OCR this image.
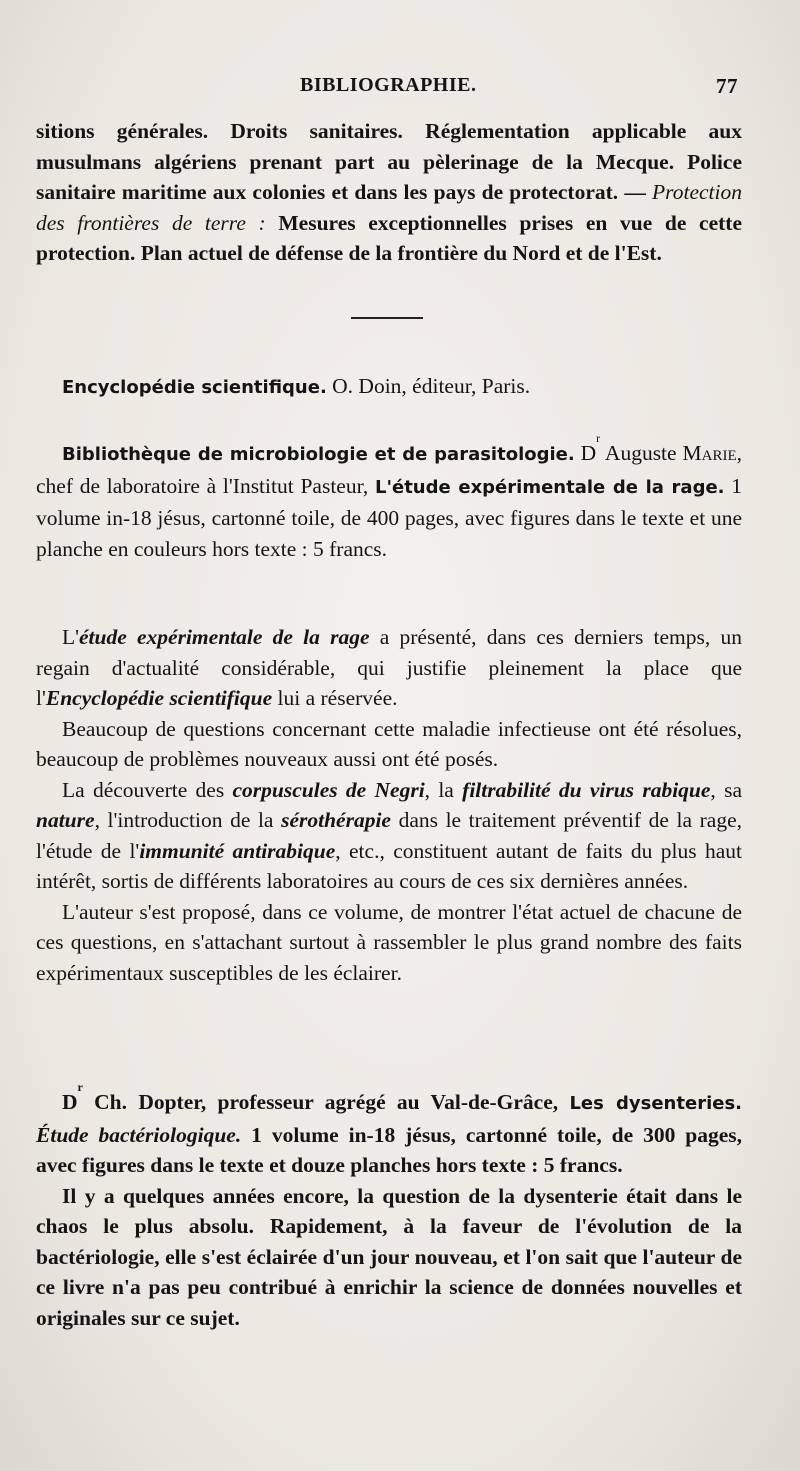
BIBLIOGRAPHIE.	77

sitions générales. Droits sanitaires. Réglementation applicable aux musulmans algériens prenant part au pèlerinage de la Mecque. Police sanitaire maritime aux colonies et dans les pays de protectorat. — Protection des frontières de terre : Mesures exceptionnelles prises en vue de cette protection. Plan actuel de défense de la frontière du Nord et de l'Est.

Encyclopédie scientifique. O. Doin, éditeur, Paris.

Bibliothèque de microbiologie et de parasitologie. $D^r$ Auguste Marie, chef de laboratoire à l'Institut Pasteur, L'étude expérimentale de la rage. 1 volume in-18 jésus, cartonné toile, de 400 pages, avec figures dans le texte et une planche en couleurs hors texte : 5 francs.

L'étude expérimentale de la rage a présenté, dans ces derniers temps, un regain d'actualité considérable, qui justifie pleinement la place que l'Encyclopédie scientifique lui a réservée.

Beaucoup de questions concernant cette maladie infectieuse ont été résolues, beaucoup de problèmes nouveaux aussi ont été posés.

La découverte des corpuscules de Negri, la filtrabilité du virus rabique, sa nature, l'introduction de la sérothérapie dans le traitement préventif de la rage, l'étude de l'immunité antirabique, etc., constituent autant de faits du plus haut intérêt, sortis de différents laboratoires au cours de ces six dernières années.

L'auteur s'est proposé, dans ce volume, de montrer l'état actuel de chacune de ces questions, en s'attachant surtout à rassembler le plus grand nombre des faits expérimentaux susceptibles de les éclairer.

$D^r$ Ch. Dopter, professeur agrégé au Val-de-Grâce, Les dysenteries. Étude bactériologique. 1 volume in-18 jésus, cartonné toile, de 300 pages, avec figures dans le texte et douze planches hors texte : 5 francs.

Il y a quelques années encore, la question de la dysenterie était dans le chaos le plus absolu. Rapidement, à la faveur de l'évolution de la bactériologie, elle s'est éclairée d'un jour nouveau, et l'on sait que l'auteur de ce livre n'a pas peu contribué à enrichir la science de données nouvelles et originales sur ce sujet.
